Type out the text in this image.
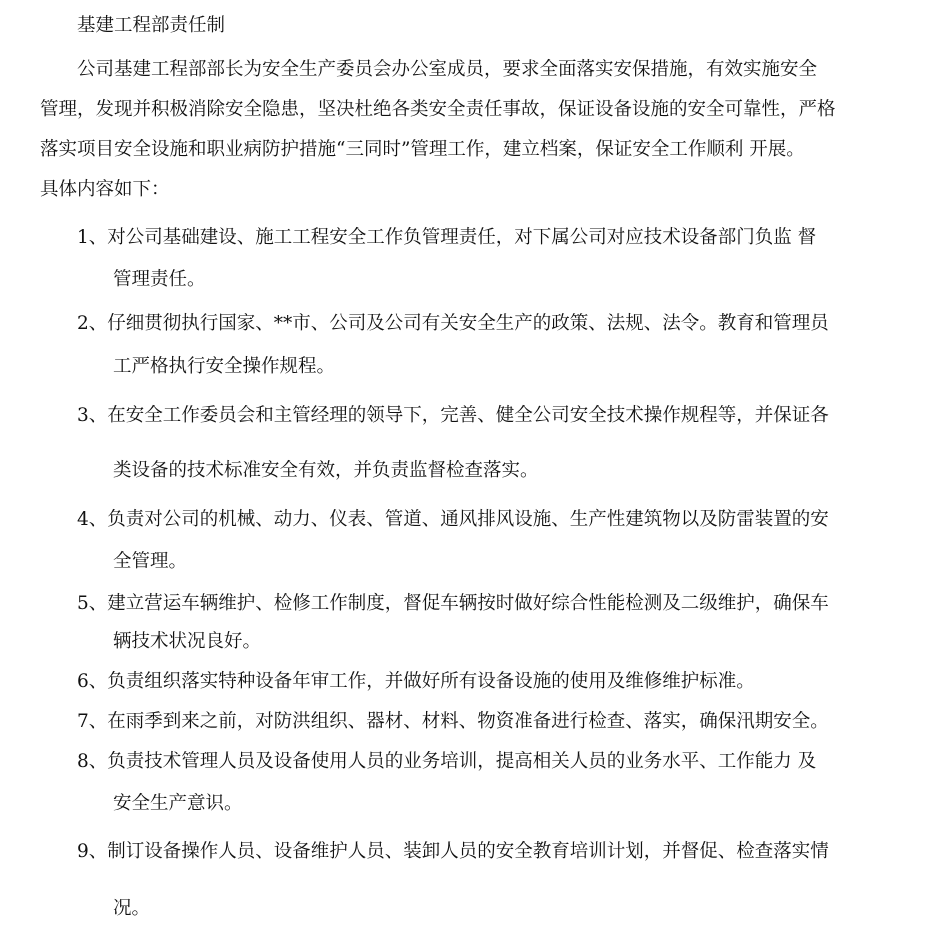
基建工程部责任制
公司基建工程部部长为安全生产委员会办公室成员，要求全面落实安保措施，有效实施安全
管理，发现并积极消除安全隐患，坚决杜绝各类安全责任事故，保证设备设施的安全可靠性，严格
落实项目安全设施和职业病防护措施“三同时”管理工作，建立档案，保证安全工作顺利 开展。
具体内容如下：
1、对公司基础建设、施工工程安全工作负管理责任，对下属公司对应技术设备部门负监 督
管理责任。
2、仔细贯彻执行国家、**市、公司及公司有关安全生产的政策、法规、法令。教育和管理员
工严格执行安全操作规程。
3、在安全工作委员会和主管经理的领导下，完善、健全公司安全技术操作规程等，并保证各
类设备的技术标准安全有效，并负责监督检查落实。
4、负责对公司的机械、动力、仪表、管道、通风排风设施、生产性建筑物以及防雷装置的安
全管理。
5、建立营运车辆维护、检修工作制度，督促车辆按时做好综合性能检测及二级维护，确保车
辆技术状况良好。
6、负责组织落实特种设备年审工作，并做好所有设备设施的使用及维修维护标准。
7、在雨季到来之前，对防洪组织、器材、材料、物资准备进行检查、落实，确保汛期安全。
8、负责技术管理人员及设备使用人员的业务培训，提高相关人员的业务水平、工作能力 及
安全生产意识。
9、制订设备操作人员、设备维护人员、装卸人员的安全教育培训计划，并督促、检查落实情
况。
